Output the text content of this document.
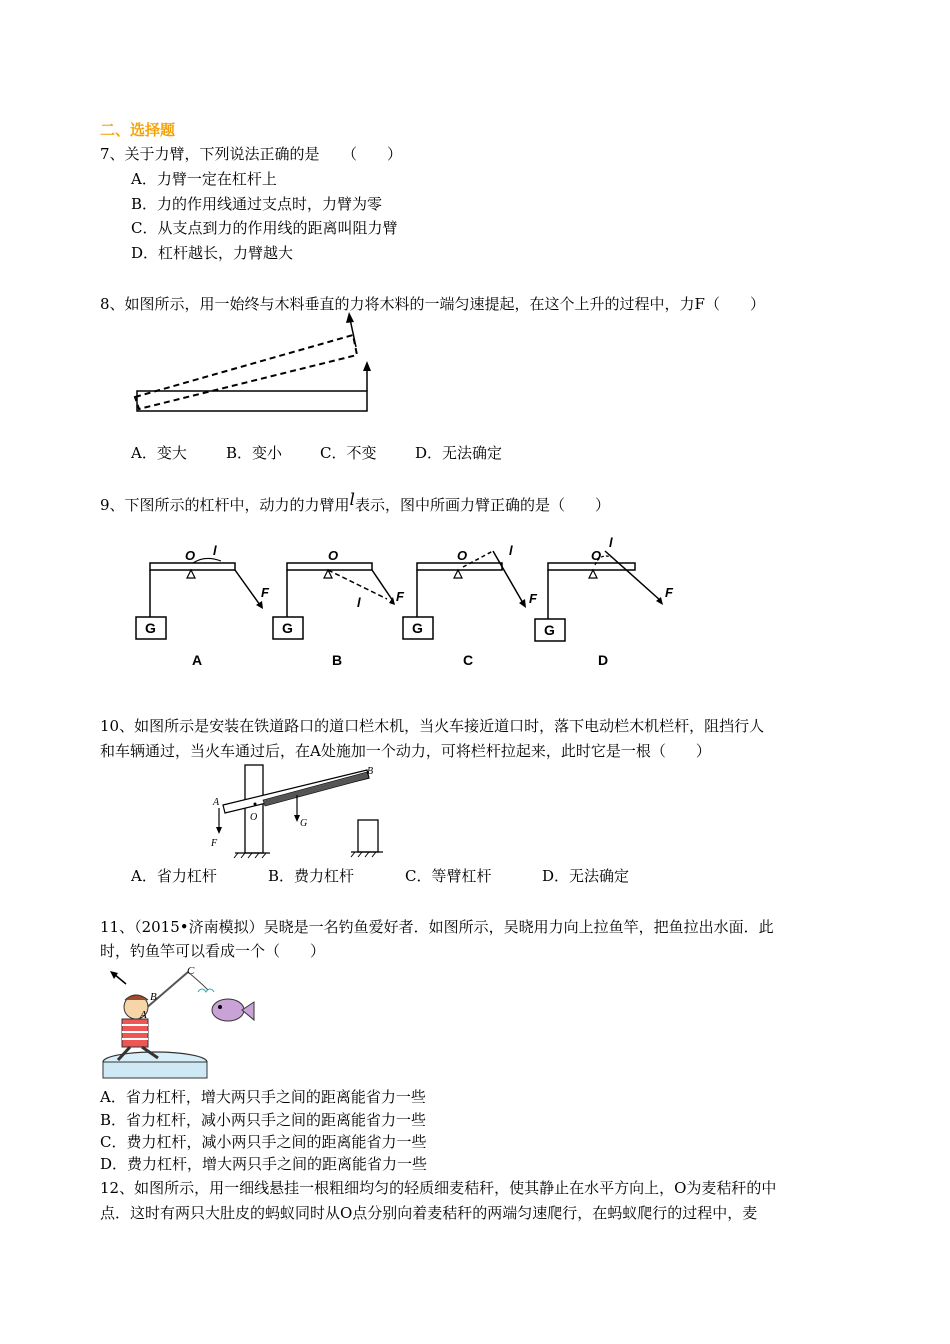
二、选择题
7、关于力臂，下列说法正确的是　　（　　）
A．力臂一定在杠杆上
B．力的作用线通过支点时，力臂为零
C．从支点到力的作用线的距离叫阻力臂
D．杠杆越长，力臂越大
8、如图所示，用一始终与木料垂直的力将木料的一端匀速提起，在这个上升的过程中，力F（　　）
A．变大	B．变小	C．不变	D．无法确定
9、下图所示的杠杆中，动力的力臂用l表示，图中所画力臂正确的是（　　）
O l
F
G
A
O
l	F
G
B
O	l
F
G
C
O
l
F
G
D
10、如图所示是安装在铁道路口的道口栏木机，当火车接近道口时，落下电动栏木机栏杆，阻挡行人
和车辆通过，当火车通过后，在A处施加一个动力，可将栏杆拉起来，此时它是一根（　　）
A
B
O
G
F
A．省力杠杆	B．费力杠杆	C．等臂杠杆	D．无法确定
11、（2015•济南模拟）吴晓是一名钓鱼爱好者．如图所示，吴晓用力向上拉鱼竿，把鱼拉出水面．此
时，钓鱼竿可以看成一个（　　）
C
B
A
A．省力杠杆，增大两只手之间的距离能省力一些
B．省力杠杆，减小两只手之间的距离能省力一些
C．费力杠杆，减小两只手之间的距离能省力一些
D．费力杠杆，增大两只手之间的距离能省力一些
12、如图所示，用一细线悬挂一根粗细均匀的轻质细麦秸秆，使其静止在水平方向上，O为麦秸秆的中
点．这时有两只大肚皮的蚂蚁同时从O点分别向着麦秸秆的两端匀速爬行，在蚂蚁爬行的过程中，麦
